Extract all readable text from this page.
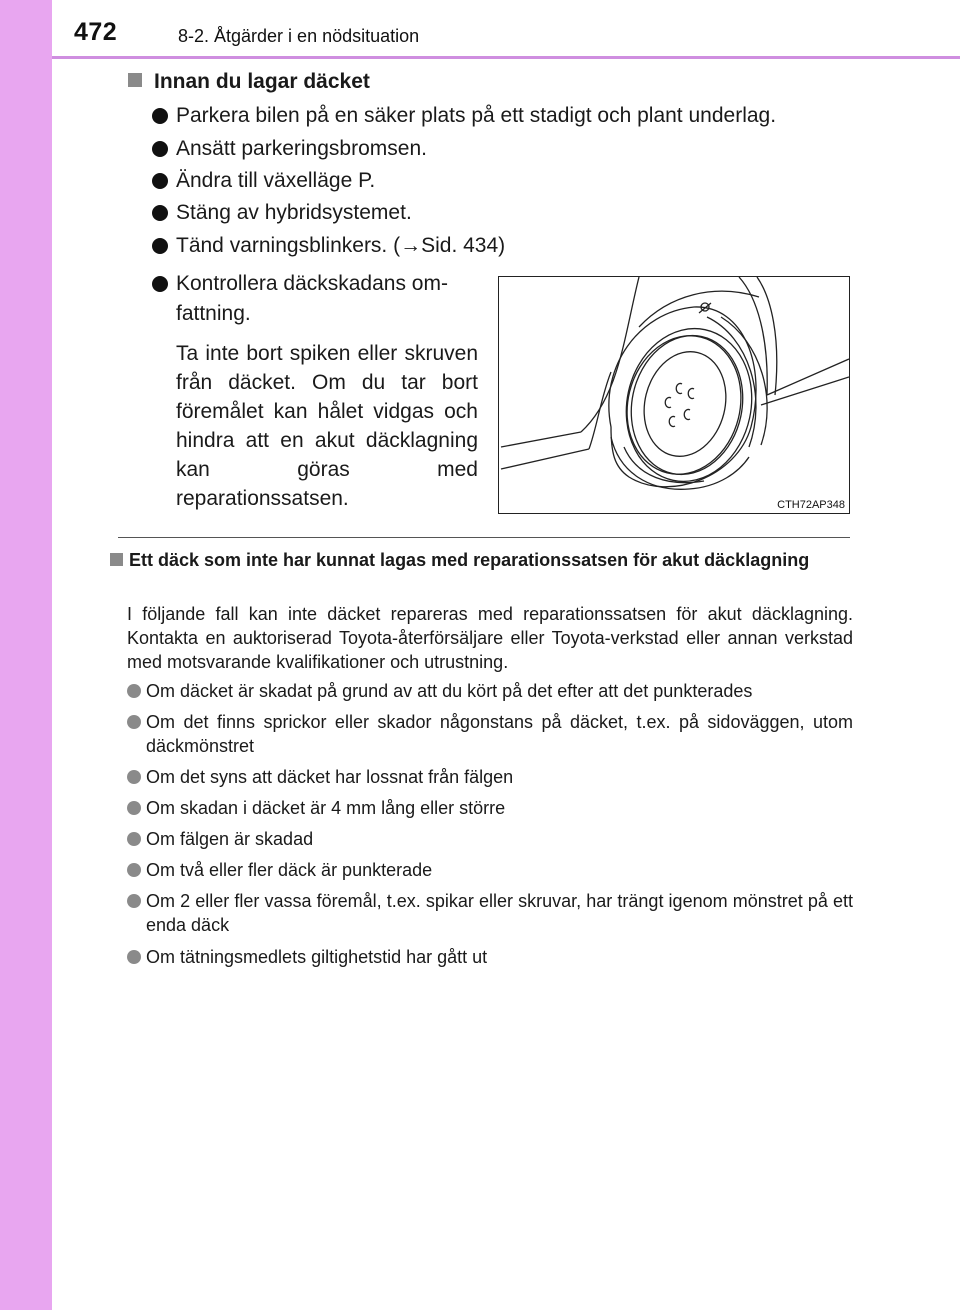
472	8-2. Åtgärder i en nödsituation
Innan du lagar däcket
Parkera bilen på en säker plats på ett stadigt och plant underlag.
Ansätt parkeringsbromsen.
Ändra till växelläge P.
Stäng av hybridsystemet.
Tänd varningsblinkers. (→Sid. 434)
Kontrollera däckskadans om-
fattning.
Ta inte bort spiken eller skruven från däcket. Om du tar bort föremålet kan hålet vidgas och hindra att en akut däcklagning kan göras med reparationssatsen.	CTH72AP348
Ett däck som inte har kunnat lagas med reparationssatsen för akut däcklagning
I följande fall kan inte däcket repareras med reparationssatsen för akut däcklagning. Kontakta en auktoriserad Toyota-återförsäljare eller Toyota-verkstad eller annan verkstad med motsvarande kvalifikationer och utrustning.
Om däcket är skadat på grund av att du kört på det efter att det punkterades
Om det finns sprickor eller skador någonstans på däcket, t.ex. på sidoväggen, utom däckmönstret
Om det syns att däcket har lossnat från fälgen
Om skadan i däcket är 4 mm lång eller större
Om fälgen är skadad
Om två eller fler däck är punkterade
Om 2 eller fler vassa föremål, t.ex. spikar eller skruvar, har trängt igenom mönstret på ett enda däck
Om tätningsmedlets giltighetstid har gått ut
